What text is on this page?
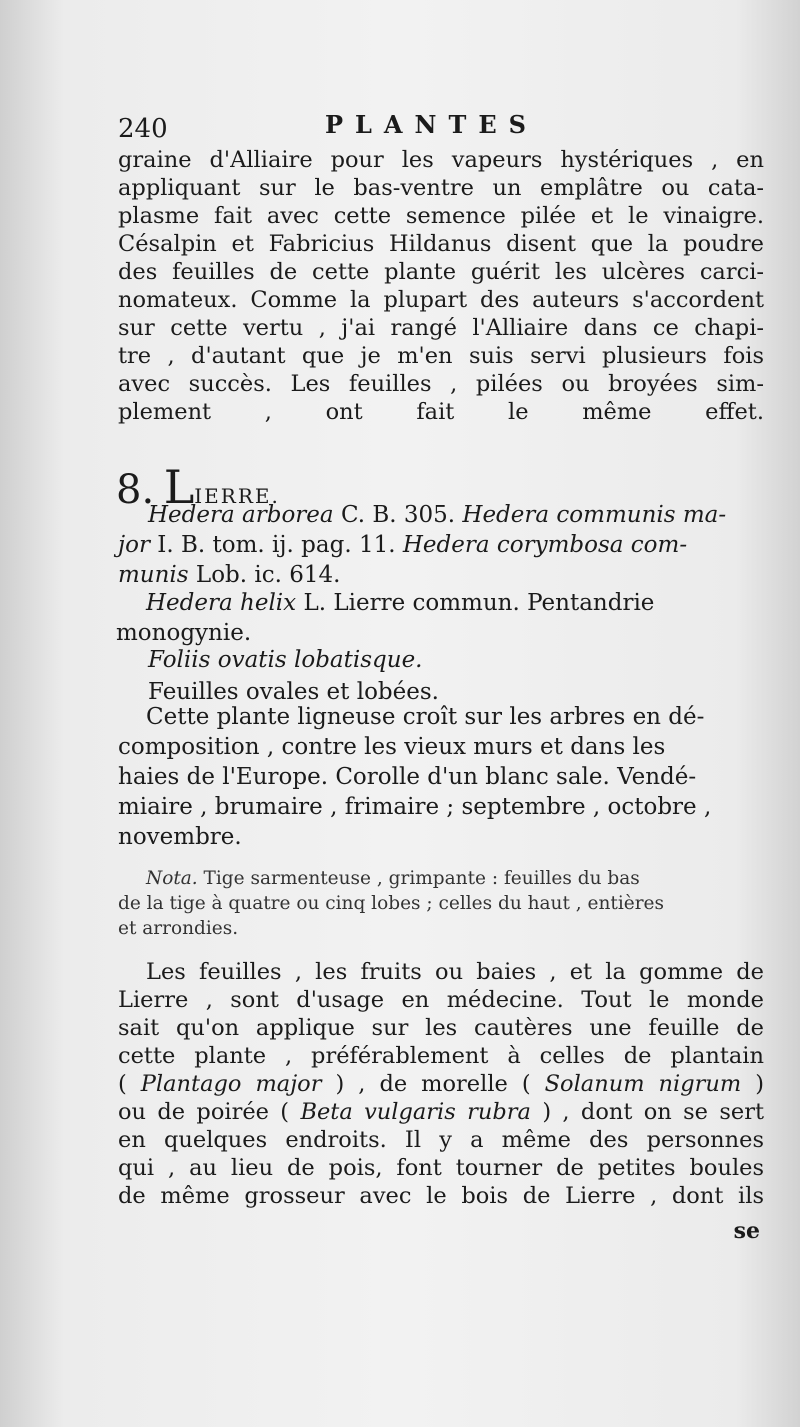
240	PLANTES
graine d'Alliaire pour les vapeurs hystériques , en
appliquant sur le bas-ventre un emplâtre ou cata-
plasme fait avec cette semence pilée et le vinaigre.
Césalpin et Fabricius Hildanus disent que la poudre
des feuilles de cette plante guérit les ulcères carci-
nomateux. Comme la plupart des auteurs s'accordent
sur cette vertu , j'ai rangé l'Alliaire dans ce chapi-
tre , d'autant que je m'en suis servi plusieurs fois
avec succès. Les feuilles , pilées ou broyées sim-
plement , ont fait le même effet.
8. LIERRE.
Hedera arborea C. B. 305. Hedera communis ma-
jor I. B. tom. ij. pag. 11. Hedera corymbosa com-
munis Lob. ic. 614.
Hedera helix L. Lierre commun. Pentandrie
monogynie.
Foliis ovatis lobatisque.
Feuilles ovales et lobées.
Cette plante ligneuse croît sur les arbres en dé-
composition , contre les vieux murs et dans les
haies de l'Europe. Corolle d'un blanc sale. Vendé-
miaire , brumaire , frimaire ; septembre , octobre ,
novembre.
Nota. Tige sarmenteuse , grimpante : feuilles du bas
de la tige à quatre ou cinq lobes ; celles du haut , entières
et arrondies.
Les feuilles , les fruits ou baies , et la gomme de
Lierre , sont d'usage en médecine. Tout le monde
sait qu'on applique sur les cautères une feuille de
cette plante , préférablement à celles de plantain
( Plantago major ) , de morelle ( Solanum nigrum )
ou de poirée ( Beta vulgaris rubra ) , dont on se sert
en quelques endroits. Il y a même des personnes
qui , au lieu de pois, font tourner de petites boules
de même grosseur avec le bois de Lierre , dont ils
se
